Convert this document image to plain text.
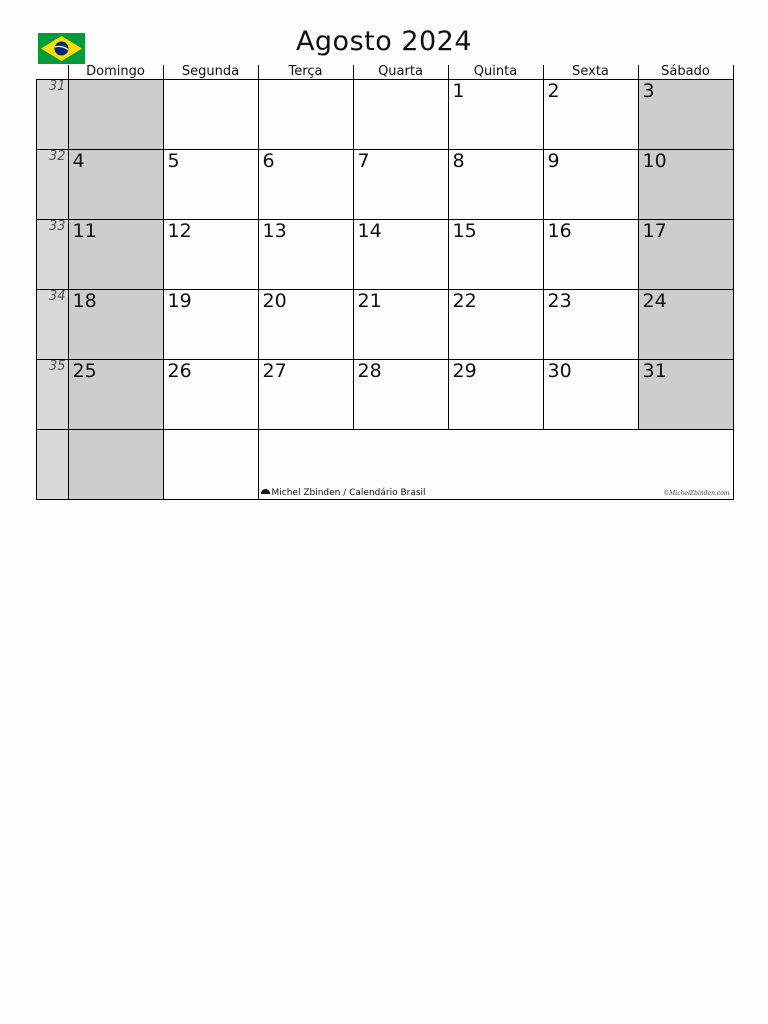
Agosto 2024
	Domingo	Segunda	Terça	Quarta	Quinta	Sexta	Sábado
31					1	2	3
32	4	5	6	7	8	9	10
33	11	12	13	14	15	16	17
34	18	19	20	21	22	23	24
35	25	26	27	28	29	30	31

			Michel Zbinden / Calendário Brasil ©MichelZbinden.com				
